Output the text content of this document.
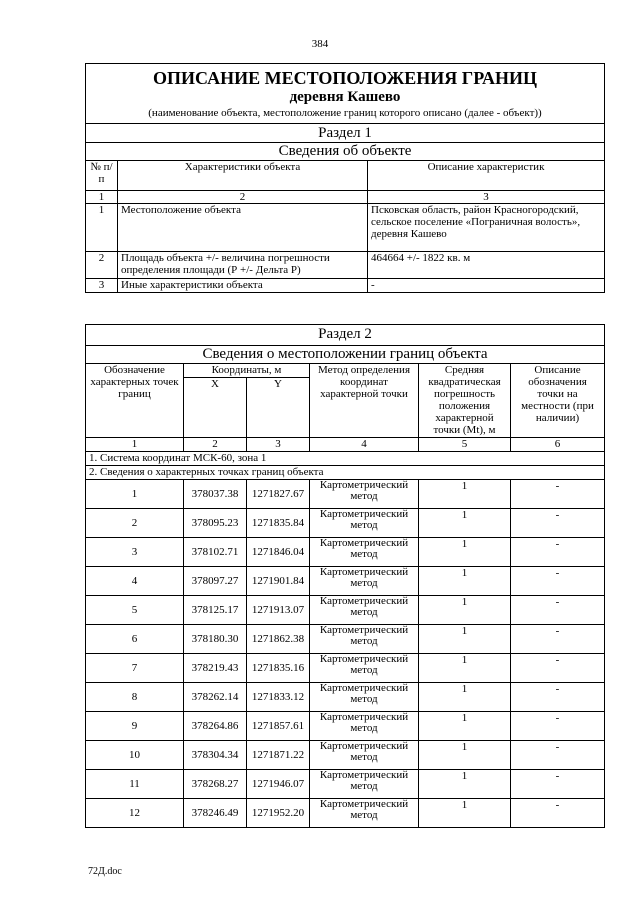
384
ОПИСАНИЕ МЕСТОПОЛОЖЕНИЯ ГРАНИЦ
деревня Кашево
(наименование объекта, местоположение границ которого описано (далее - объект))		

Раздел 1		
Сведения об объекте		
№ п/п	Характеристики объекта	Описание характеристик
1	2	3
1	Местоположение объекта	Псковская область, район Красногородский, сельское поселение «Пограничная волость», деревня Кашево
2	Площадь объекта +/- величина погрешности определения площади (Р +/- Дельта Р)	464664 +/- 1822 кв. м
3	Иные характеристики объекта	-
Раздел 2					
Сведения о местоположении границ объекта					
Обозначение характерных точек границ	Координаты, м		Метод определения координат характерной точки	Средняя квадратическая погрешность положения характерной точки (Mt), м	Описание обозначения точки на местности (при наличии)
	X	Y			
1	2	3	4	5	6
1. Система координат МСК-60, зона 1					
2. Сведения о характерных точках границ объекта					
1	378037.38	1271827.67	Картометрический метод	1	-
2	378095.23	1271835.84	Картометрический метод	1	-
3	378102.71	1271846.04	Картометрический метод	1	-
4	378097.27	1271901.84	Картометрический метод	1	-
5	378125.17	1271913.07	Картометрический метод	1	-
6	378180.30	1271862.38	Картометрический метод	1	-
7	378219.43	1271835.16	Картометрический метод	1	-
8	378262.14	1271833.12	Картометрический метод	1	-
9	378264.86	1271857.61	Картометрический метод	1	-
10	378304.34	1271871.22	Картометрический метод	1	-
11	378268.27	1271946.07	Картометрический метод	1	-
12	378246.49	1271952.20	Картометрический метод	1	-
72Д.doc
